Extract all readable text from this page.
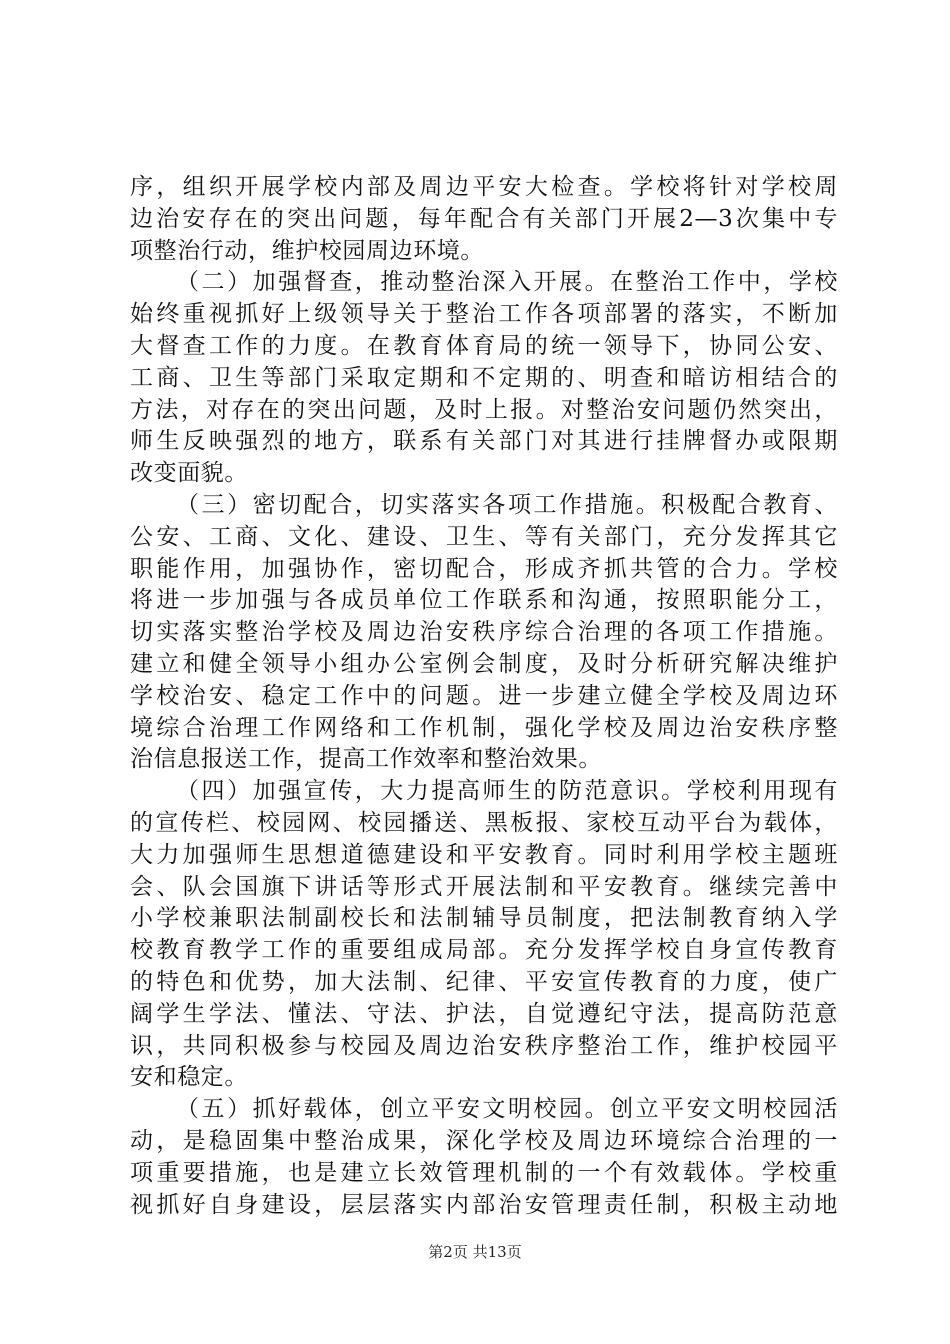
序，组织开展学校内部及周边平安大检查。学校将针对学校周
边治安存在的突出问题，每年配合有关部门开展2—3次集中专
项整治行动，维护校园周边环境。
（二）加强督查，推动整治深入开展。在整治工作中，学校
始终重视抓好上级领导关于整治工作各项部署的落实，不断加
大督查工作的力度。在教育体育局的统一领导下，协同公安、
工商、卫生等部门采取定期和不定期的、明查和暗访相结合的
方法，对存在的突出问题，及时上报。对整治安问题仍然突出，
师生反映强烈的地方，联系有关部门对其进行挂牌督办或限期
改变面貌。
（三）密切配合，切实落实各项工作措施。积极配合教育、
公安、工商、文化、建设、卫生、等有关部门，充分发挥其它
职能作用，加强协作，密切配合，形成齐抓共管的合力。学校
将进一步加强与各成员单位工作联系和沟通，按照职能分工，
切实落实整治学校及周边治安秩序综合治理的各项工作措施。
建立和健全领导小组办公室例会制度，及时分析研究解决维护
学校治安、稳定工作中的问题。进一步建立健全学校及周边环
境综合治理工作网络和工作机制，强化学校及周边治安秩序整
治信息报送工作，提高工作效率和整治效果。
（四）加强宣传，大力提高师生的防范意识。学校利用现有
的宣传栏、校园网、校园播送、黑板报、家校互动平台为载体，
大力加强师生思想道德建设和平安教育。同时利用学校主题班
会、队会国旗下讲话等形式开展法制和平安教育。继续完善中
小学校兼职法制副校长和法制辅导员制度，把法制教育纳入学
校教育教学工作的重要组成局部。充分发挥学校自身宣传教育
的特色和优势，加大法制、纪律、平安宣传教育的力度，使广
阔学生学法、懂法、守法、护法，自觉遵纪守法，提高防范意
识，共同积极参与校园及周边治安秩序整治工作，维护校园平
安和稳定。
（五）抓好载体，创立平安文明校园。创立平安文明校园活
动，是稳固集中整治成果，深化学校及周边环境综合治理的一
项重要措施，也是建立长效管理机制的一个有效载体。学校重
视抓好自身建设，层层落实内部治安管理责任制，积极主动地
第2页 共13页
